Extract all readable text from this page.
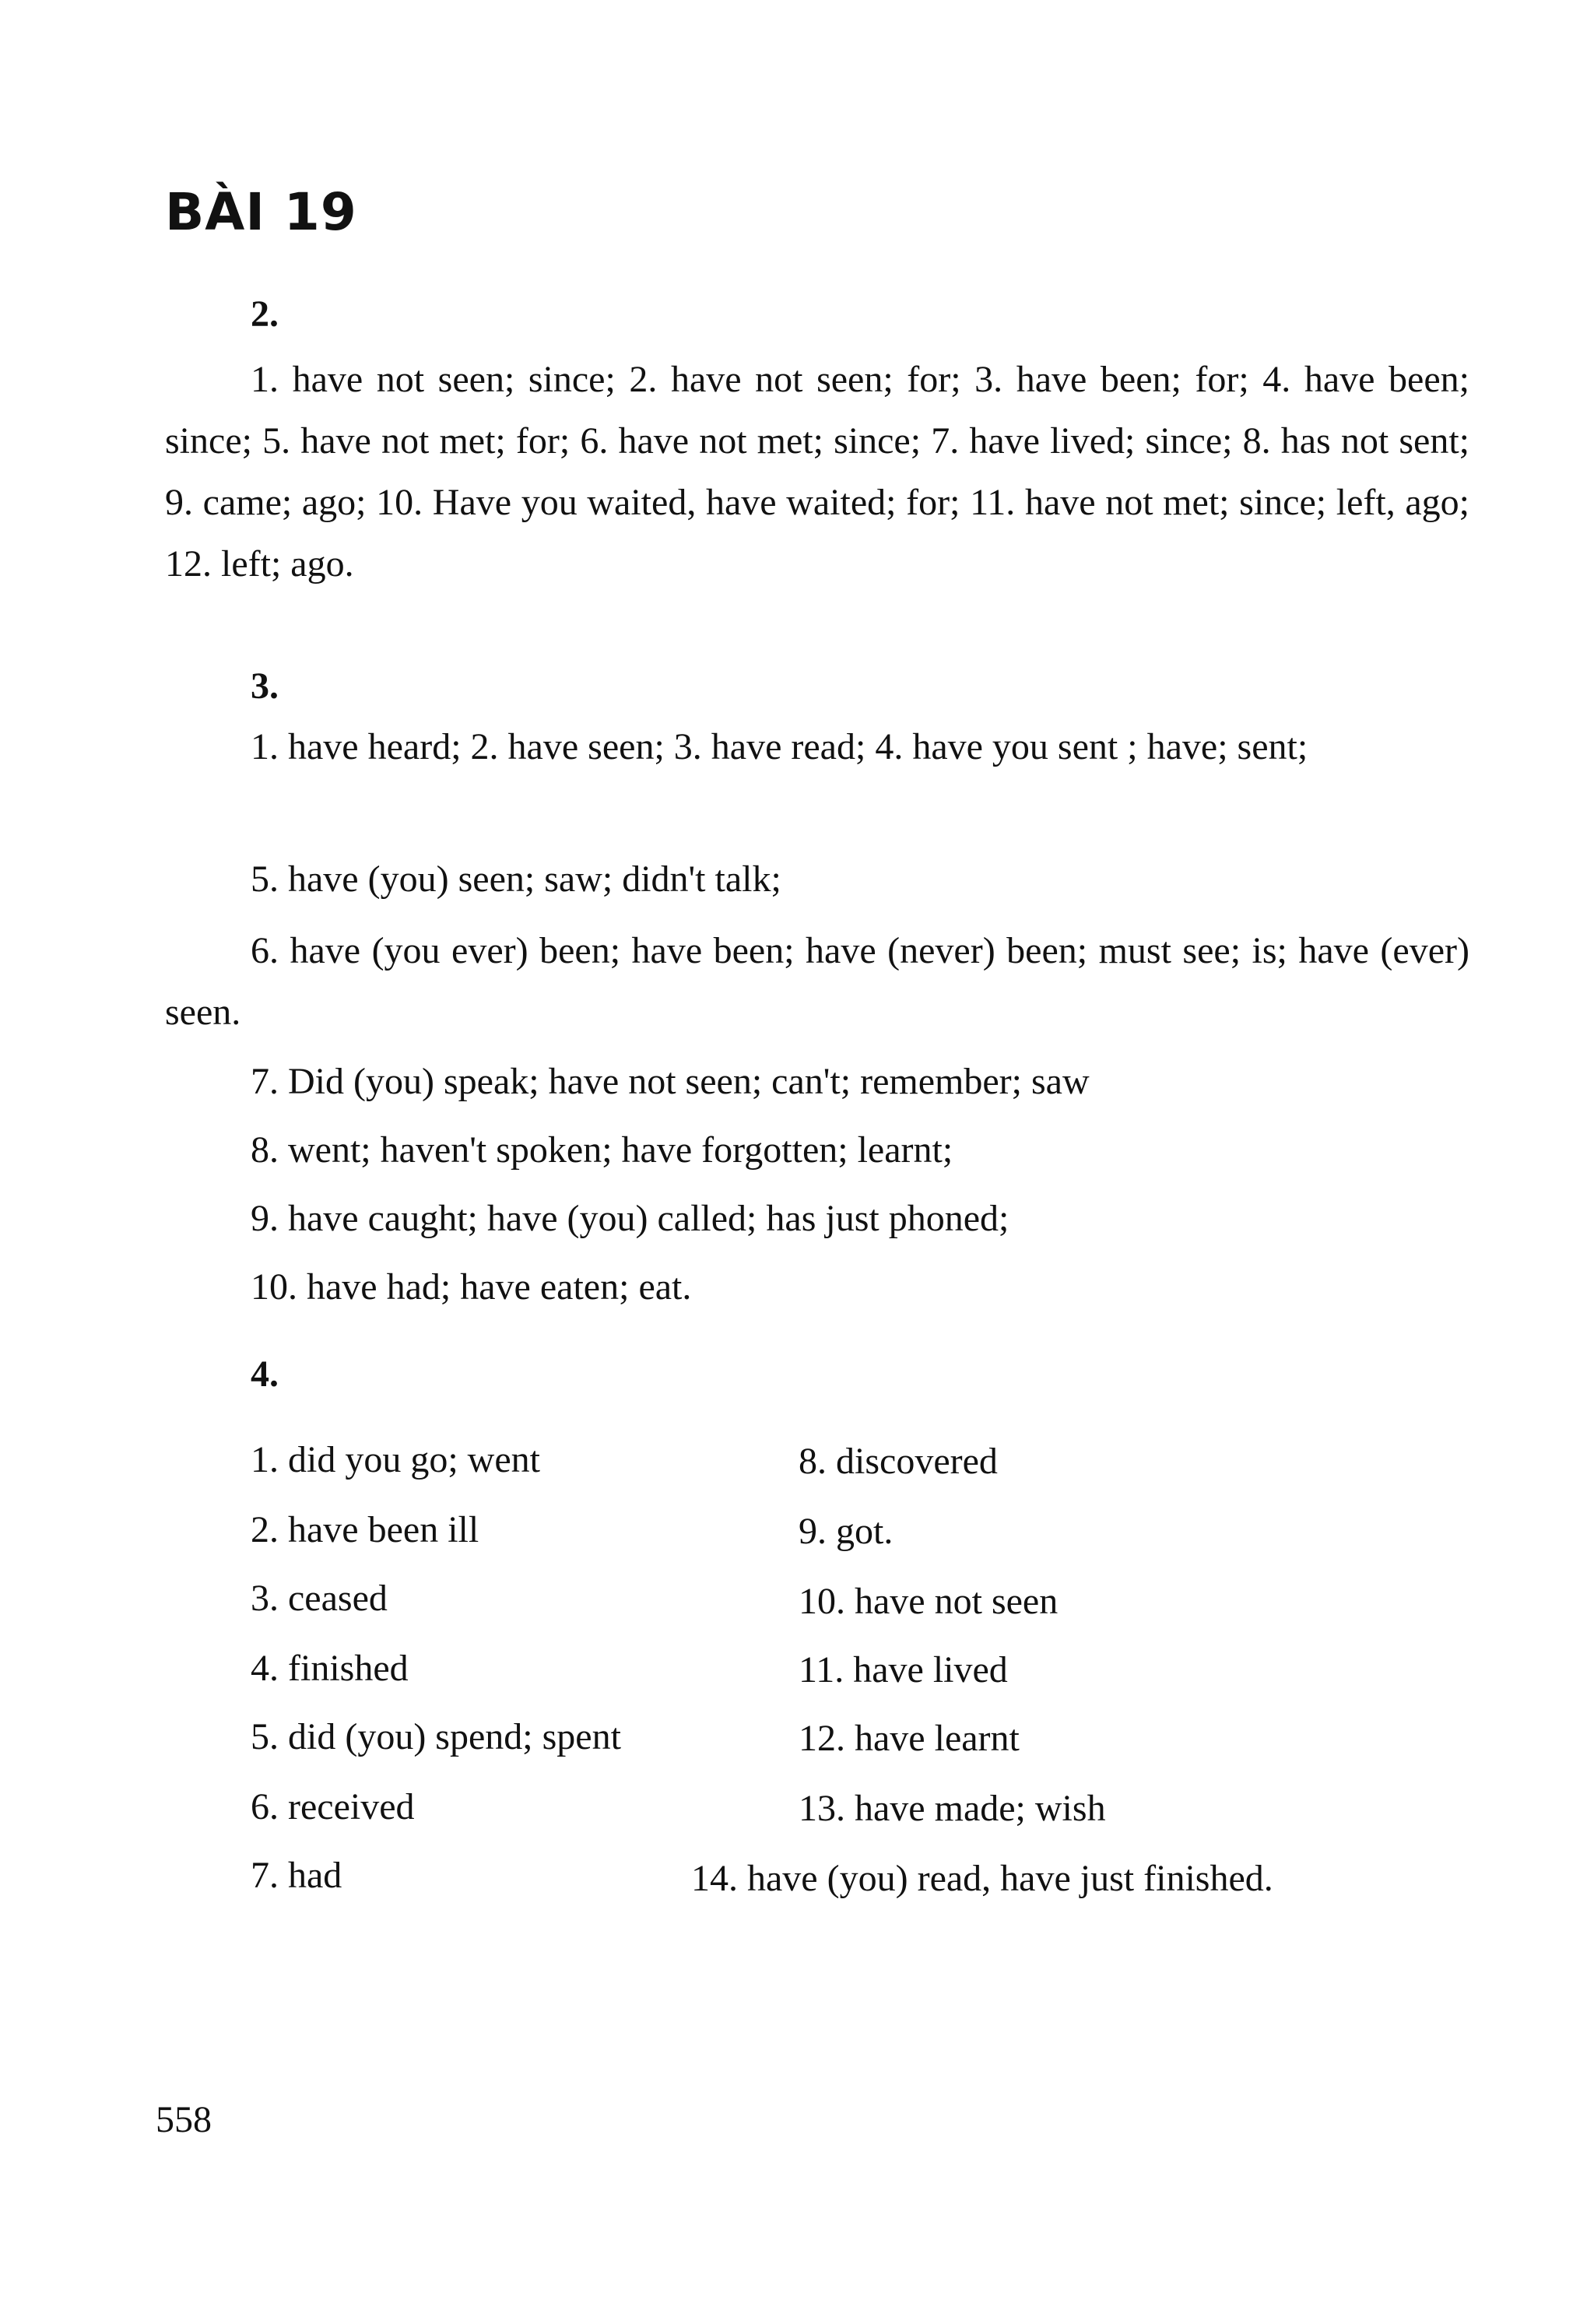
BÀI 19
2.

1. have not seen; since; 2. have not seen; for; 3. have been; for; 4. have been; since; 5. have not met; for; 6. have not met; since; 7. have lived; since; 8. has not sent; 9. came; ago; 10. Have you waited, have waited; for; 11. have not met; since; left, ago; 12. left; ago.

3.

1. have heard; 2. have seen; 3. have read; 4. have you sent ; have; sent;

5. have (you) seen; saw; didn't talk;

6. have (you ever) been; have been; have (never) been; must see; is; have (ever) seen.

7. Did (you) speak; have not seen; can't; remember; saw

8. went; haven't spoken; have forgotten; learnt;

9. have caught; have (you) called; has just phoned;

10. have had; have eaten; eat.

4.

1. did you go; went

2. have been ill

3. ceased

4. finished

5. did (you) spend; spent

6. received

7. had

8. discovered

9. got.

10. have not seen

11. have lived

12. have learnt

13. have made; wish

14. have (you) read, have just finished.

558
